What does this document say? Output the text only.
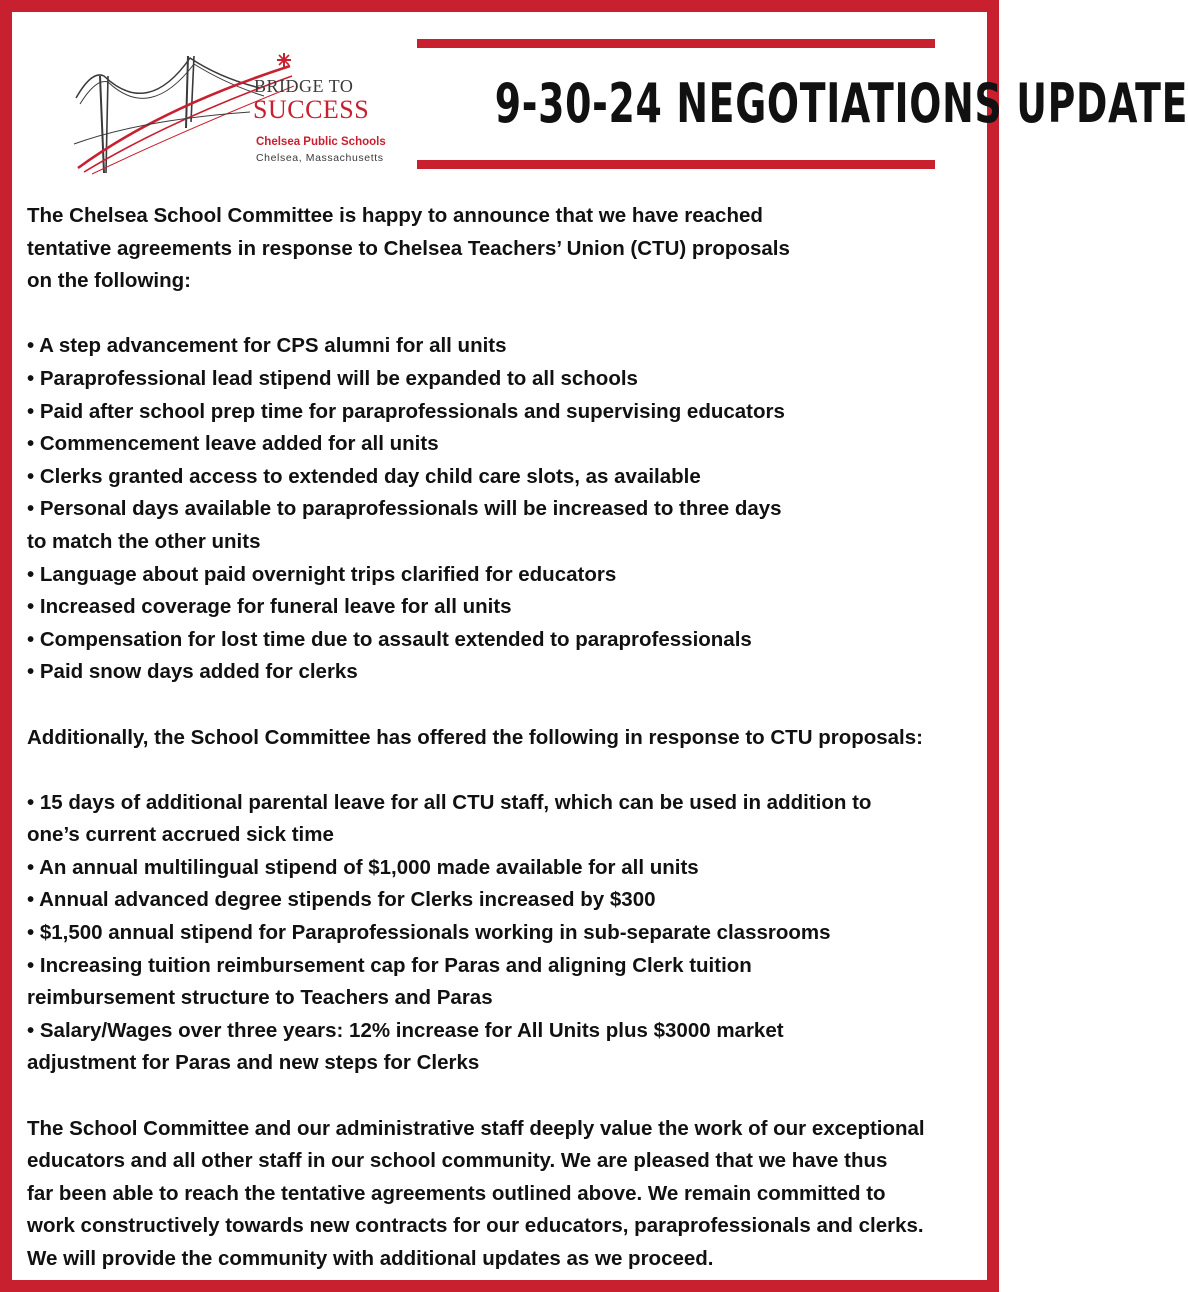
BRIDGE TO
SUCCESS
Chelsea Public Schools
Chelsea, Massachusetts
9-30-24 NEGOTIATIONS UPDATE

The Chelsea School Committee is happy to announce that we have reached

tentative agreements in response to Chelsea Teachers’ Union (CTU) proposals

on the following:

• A step advancement for CPS alumni for all units
• Paraprofessional lead stipend will be expanded to all schools
• Paid after school prep time for paraprofessionals and supervising educators
• Commencement leave added for all units
• Clerks granted access to extended day child care slots, as available
• Personal days available to paraprofessionals will be increased to three days
to match the other units
• Language about paid overnight trips clarified for educators
• Increased coverage for funeral leave for all units
• Compensation for lost time due to assault extended to paraprofessionals
• Paid snow days added for clerks

Additionally, the School Committee has offered the following in response to CTU proposals:

• 15 days of additional parental leave for all CTU staff, which can be used in addition to
one’s current accrued sick time
• An annual multilingual stipend of $1,000 made available for all units
• Annual advanced degree stipends for Clerks increased by $300
• $1,500 annual stipend for Paraprofessionals working in sub-separate classrooms
• Increasing tuition reimbursement cap for Paras and aligning Clerk tuition
reimbursement structure to Teachers and Paras
• Salary/Wages over three years: 12% increase for All Units plus $3000 market
adjustment for Paras and new steps for Clerks

The School Committee and our administrative staff deeply value the work of our exceptional

educators and all other staff in our school community. We are pleased that we have thus

far been able to reach the tentative agreements outlined above. We remain committed to

work constructively towards new contracts for our educators, paraprofessionals and clerks.

We will provide the community with additional updates as we proceed.
